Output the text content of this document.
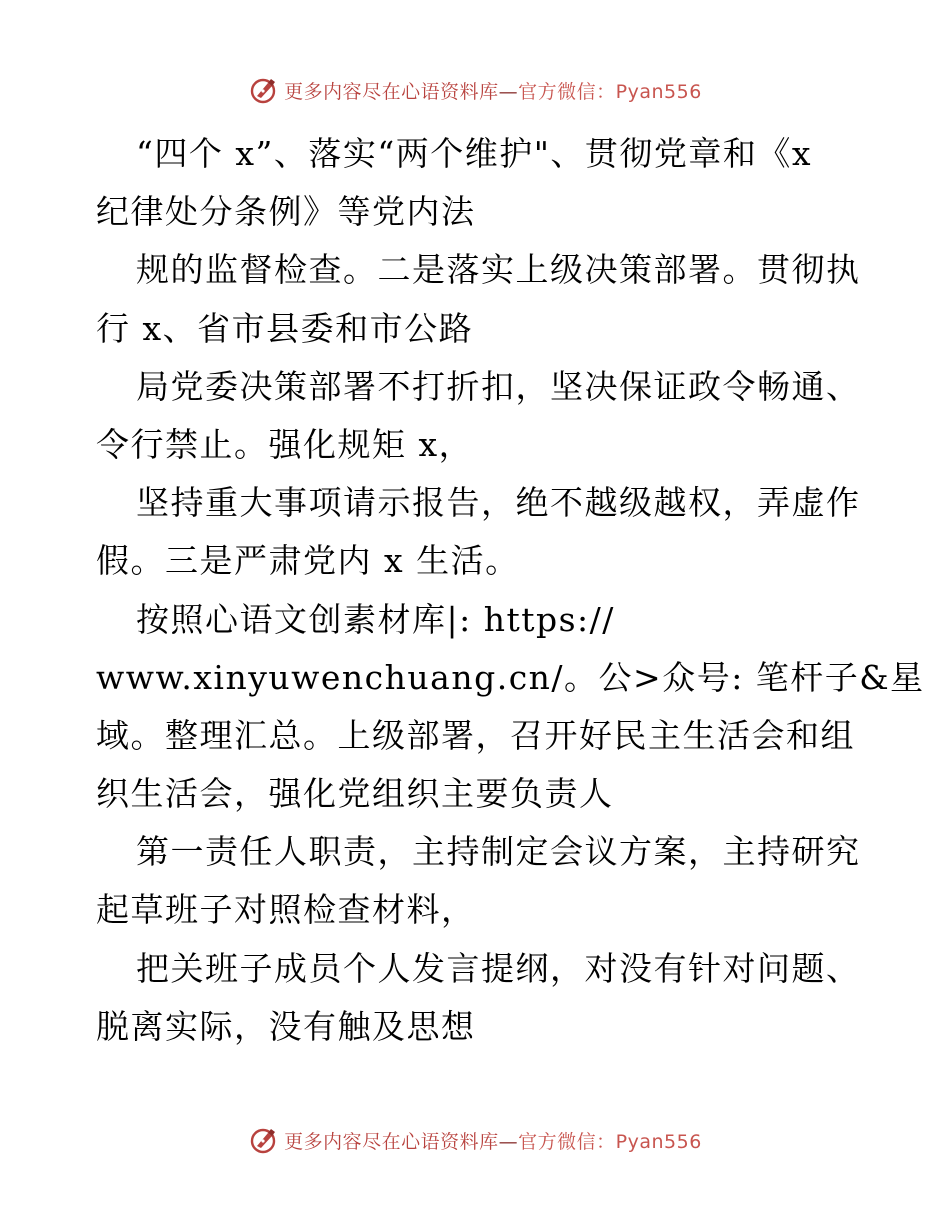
更多内容尽在心语资料库—官方微信：Pyan556
“四个 x”、落实“两个维护"、贯彻党章和《x
纪律处分条例》等党内法
规的监督检查。二是落实上级决策部署。贯彻执
行 x、省市县委和市公路
局党委决策部署不打折扣，坚决保证政令畅通、
令行禁止。强化规矩 x，
坚持重大事项请示报告，绝不越级越权，弄虚作
假。三是严肃党内 x 生活。
按照心语文创素材库|: https://
www.xinyuwenchuang.cn/。公>众号: 笔杆子&星
域。整理汇总。上级部署，召开好民主生活会和组
织生活会，强化党组织主要负责人
第一责任人职责，主持制定会议方案，主持研究
起草班子对照检查材料，
把关班子成员个人发言提纲，对没有针对问题、
脱离实际，没有触及思想
更多内容尽在心语资料库—官方微信：Pyan556
